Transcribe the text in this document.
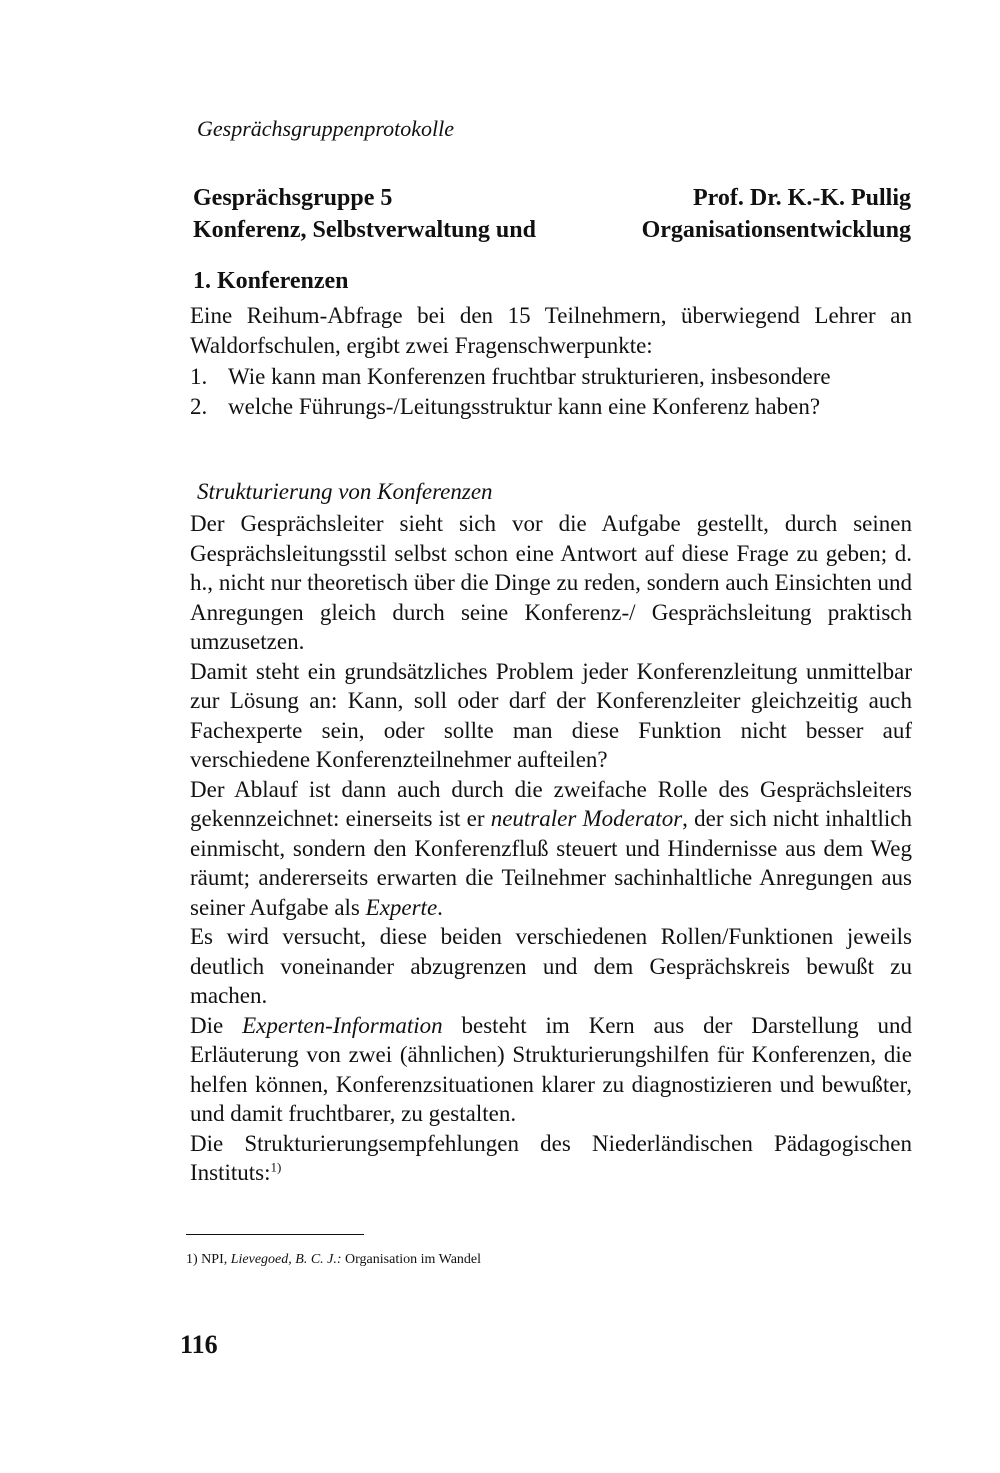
Gesprächsgruppenprotokolle
Gesprächsgruppe 5	Prof. Dr. K.-K. Pullig
Konferenz, Selbstverwaltung und	Organisationsentwicklung
1. Konferenzen

Eine Reihum-Abfrage bei den 15 Teilnehmern, überwiegend Lehrer an Waldorfschulen, ergibt zwei Fragenschwerpunkte:

1. Wie kann man Konferenzen fruchtbar strukturieren, insbesondere
2. welche Führungs-/Leitungsstruktur kann eine Konferenz haben?
Strukturierung von Konferenzen

Der Gesprächsleiter sieht sich vor die Aufgabe gestellt, durch seinen Gesprächsleitungsstil selbst schon eine Antwort auf diese Frage zu geben; d. h., nicht nur theoretisch über die Dinge zu reden, sondern auch Einsichten und Anregungen gleich durch seine Konferenz-/ Gesprächsleitung praktisch umzusetzen.

Damit steht ein grundsätzliches Problem jeder Konferenzleitung unmittelbar zur Lösung an: Kann, soll oder darf der Konferenzleiter gleichzeitig auch Fachexperte sein, oder sollte man diese Funktion nicht besser auf verschiedene Konferenzteilnehmer aufteilen?

Der Ablauf ist dann auch durch die zweifache Rolle des Gesprächsleiters gekennzeichnet: einerseits ist er neutraler Moderator, der sich nicht inhaltlich einmischt, sondern den Konferenzfluß steuert und Hindernisse aus dem Weg räumt; andererseits erwarten die Teilnehmer sachinhaltliche Anregungen aus seiner Aufgabe als Experte.

Es wird versucht, diese beiden verschiedenen Rollen/Funktionen jeweils deutlich voneinander abzugrenzen und dem Gesprächskreis bewußt zu machen.

Die Experten-Information besteht im Kern aus der Darstellung und Erläuterung von zwei (ähnlichen) Strukturierungshilfen für Konferenzen, die helfen können, Konferenzsituationen klarer zu diagnostizieren und bewußter, und damit fruchtbarer, zu gestalten.

Die Strukturierungsempfehlungen des Niederländischen Pädagogischen Instituts:$^{1)}$

1) NPI, Lievegoed, B. C. J.: Organisation im Wandel
116
